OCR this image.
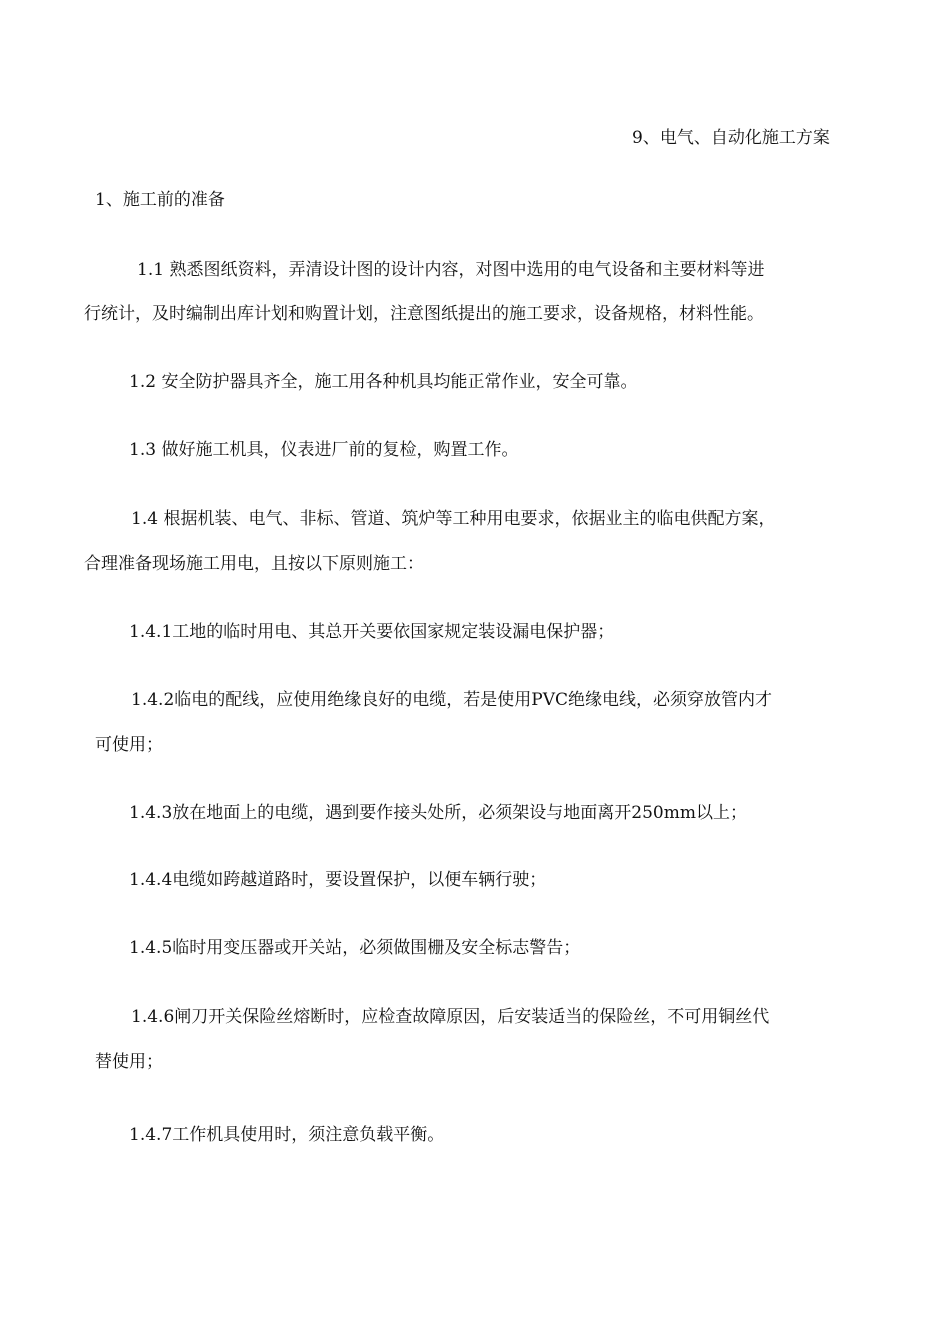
9、电气、自动化施工方案
1、施工前的准备
1.1 熟悉图纸资料，弄清设计图的设计内容，对图中选用的电气设备和主要材料等进
行统计，及时编制出库计划和购置计划，注意图纸提出的施工要求，设备规格，材料性能。
1.2 安全防护器具齐全，施工用各种机具均能正常作业，安全可靠。
1.3 做好施工机具，仪表进厂前的复检，购置工作。
1.4 根据机装、电气、非标、管道、筑炉等工种用电要求，依据业主的临电供配方案，
合理准备现场施工用电，且按以下原则施工：
1.4.1工地的临时用电、其总开关要依国家规定装设漏电保护器；
1.4.2临电的配线，应使用绝缘良好的电缆，若是使用PVC绝缘电线，必须穿放管内才
可使用；
1.4.3放在地面上的电缆，遇到要作接头处所，必须架设与地面离开250mm以上；
1.4.4电缆如跨越道路时，要设置保护，以便车辆行驶；
1.4.5临时用变压器或开关站，必须做围栅及安全标志警告；
1.4.6闸刀开关保险丝熔断时，应检查故障原因，后安装适当的保险丝，不可用铜丝代
替使用；
1.4.7工作机具使用时，须注意负载平衡。
